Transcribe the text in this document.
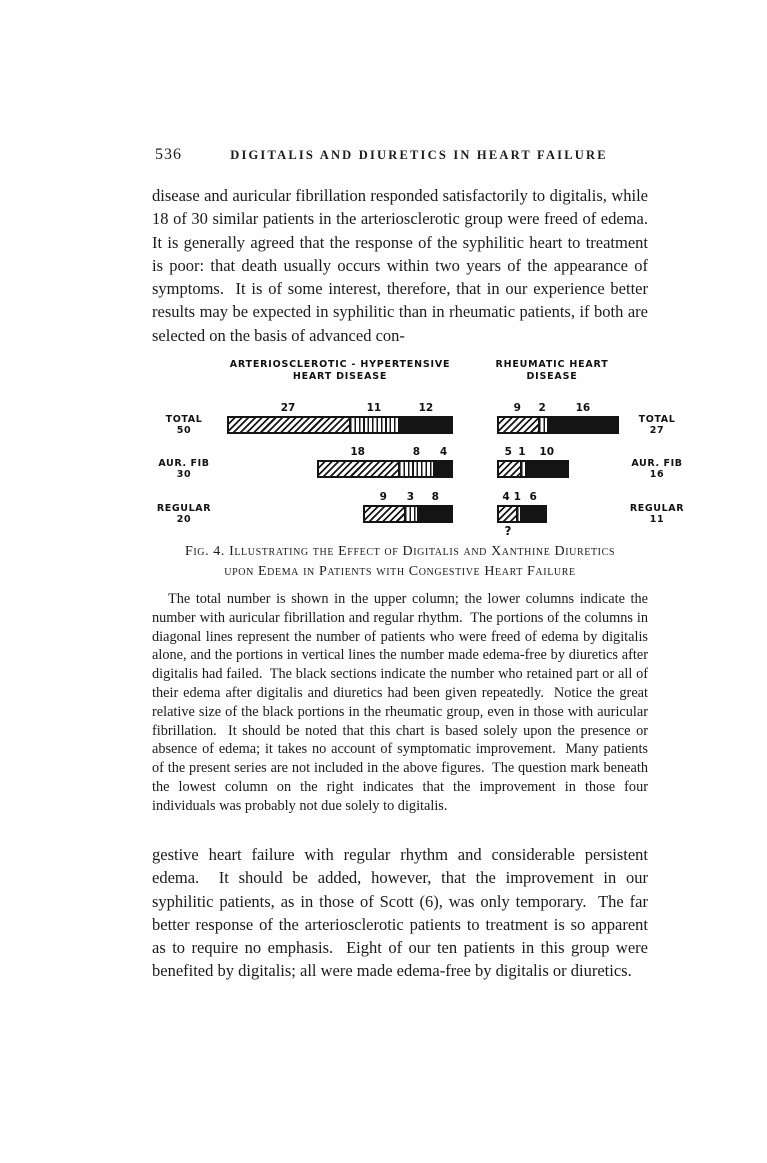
536	DIGITALIS AND DIURETICS IN HEART FAILURE

disease and auricular fibrillation responded satisfactorily to digitalis, while 18 of 30 similar patients in the arteriosclerotic group were freed of edema.  It is generally agreed that the response of the syphilitic heart to treatment is poor: that death usually occurs within two years of the appearance of symptoms.  It is of some interest, therefore, that in our experience better results may be expected in syphilitic than in rheumatic patients, if both are selected on the basis of advanced con-

ARTERIOSCLEROTIC - HYPERTENSIVE
HEART DISEASE
TOTAL
50
27	11	12
AUR. FIB
30
18	8 4
REGULAR
20
9 3 8
RHEUMATIC HEART
DISEASE
TOTAL
27
9 2	16
AUR. FIB
16
5 1 10
REGULAR
11
4 1 6
?
Fig. 4. Illustrating the Effect of Digitalis and Xanthine Diuretics
upon Edema in Patients with Congestive Heart Failure

The total number is shown in the upper column; the lower columns indicate the number with auricular fibrillation and regular rhythm.  The portions of the columns in diagonal lines represent the number of patients who were freed of edema by digitalis alone, and the portions in vertical lines the number made edema-free by diuretics after digitalis had failed.  The black sections indicate the number who retained part or all of their edema after digitalis and diuretics had been given repeatedly.  Notice the great relative size of the black portions in the rheumatic group, even in those with auricular fibrillation.  It should be noted that this chart is based solely upon the presence or absence of edema; it takes no account of symptomatic improvement.  Many patients of the present series are not included in the above figures.  The question mark beneath the lowest column on the right indicates that the improvement in those four individuals was probably not due solely to digitalis.

gestive heart failure with regular rhythm and considerable persistent edema.  It should be added, however, that the improvement in our syphilitic patients, as in those of Scott (6), was only temporary.  The far better response of the arteriosclerotic patients to treatment is so apparent as to require no emphasis.  Eight of our ten patients in this group were benefited by digitalis; all were made edema-free by digitalis or diuretics.
